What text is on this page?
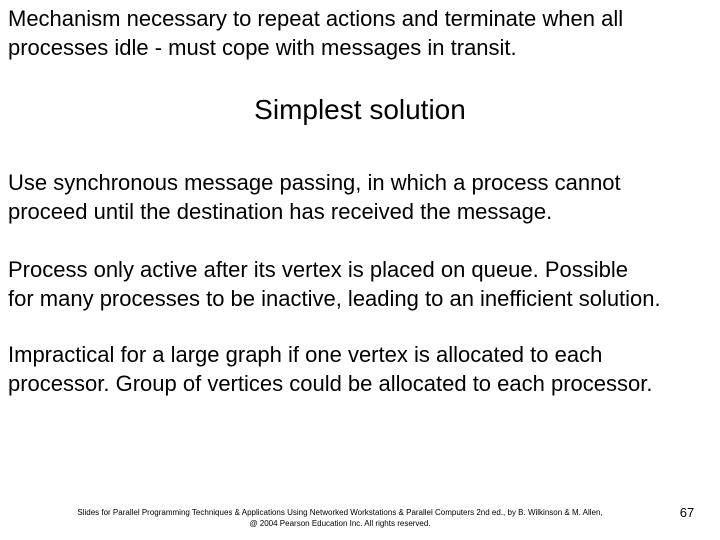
Mechanism necessary to repeat actions and terminate when all
processes idle - must cope with messages in transit.

Simplest solution

Use synchronous message passing, in which a process cannot
proceed until the destination has received the message.

Process only active after its vertex is placed on queue. Possible
for many processes to be inactive, leading to an inefficient solution.

Impractical for a large graph if one vertex is allocated to each
processor. Group of vertices could be allocated to each processor.

Slides for Parallel Programming Techniques & Applications Using Networked Workstations & Parallel Computers 2nd ed., by B. Wilkinson & M. Allen,
@ 2004 Pearson Education Inc. All rights reserved.
67
